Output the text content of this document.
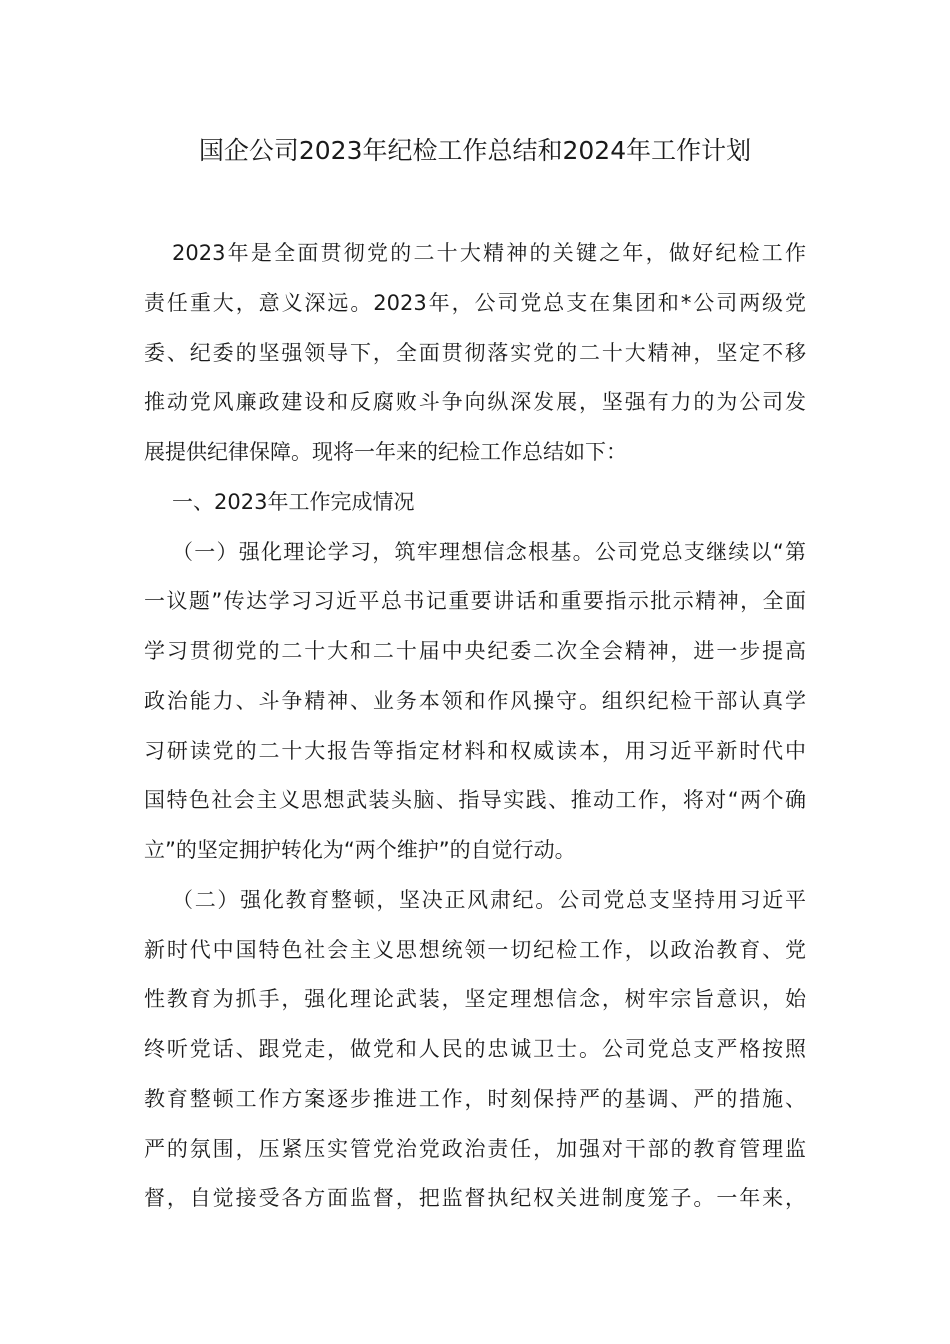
国企公司2023年纪检工作总结和2024年工作计划
2023年是全面贯彻党的二十大精神的关键之年，做好纪检工作
责任重大，意义深远。2023年，公司党总支在集团和*公司两级党
委、纪委的坚强领导下，全面贯彻落实党的二十大精神，坚定不移
推动党风廉政建设和反腐败斗争向纵深发展，坚强有力的为公司发
展提供纪律保障。现将一年来的纪检工作总结如下：
一、2023年工作完成情况
（一）强化理论学习，筑牢理想信念根基。公司党总支继续以“第
一议题”传达学习习近平总书记重要讲话和重要指示批示精神，全面
学习贯彻党的二十大和二十届中央纪委二次全会精神，进一步提高
政治能力、斗争精神、业务本领和作风操守。组织纪检干部认真学
习研读党的二十大报告等指定材料和权威读本，用习近平新时代中
国特色社会主义思想武装头脑、指导实践、推动工作，将对“两个确
立”的坚定拥护转化为“两个维护”的自觉行动。
（二）强化教育整顿，坚决正风肃纪。公司党总支坚持用习近平
新时代中国特色社会主义思想统领一切纪检工作，以政治教育、党
性教育为抓手，强化理论武装，坚定理想信念，树牢宗旨意识，始
终听党话、跟党走，做党和人民的忠诚卫士。公司党总支严格按照
教育整顿工作方案逐步推进工作，时刻保持严的基调、严的措施、
严的氛围，压紧压实管党治党政治责任，加强对干部的教育管理监
督，自觉接受各方面监督，把监督执纪权关进制度笼子。一年来，
